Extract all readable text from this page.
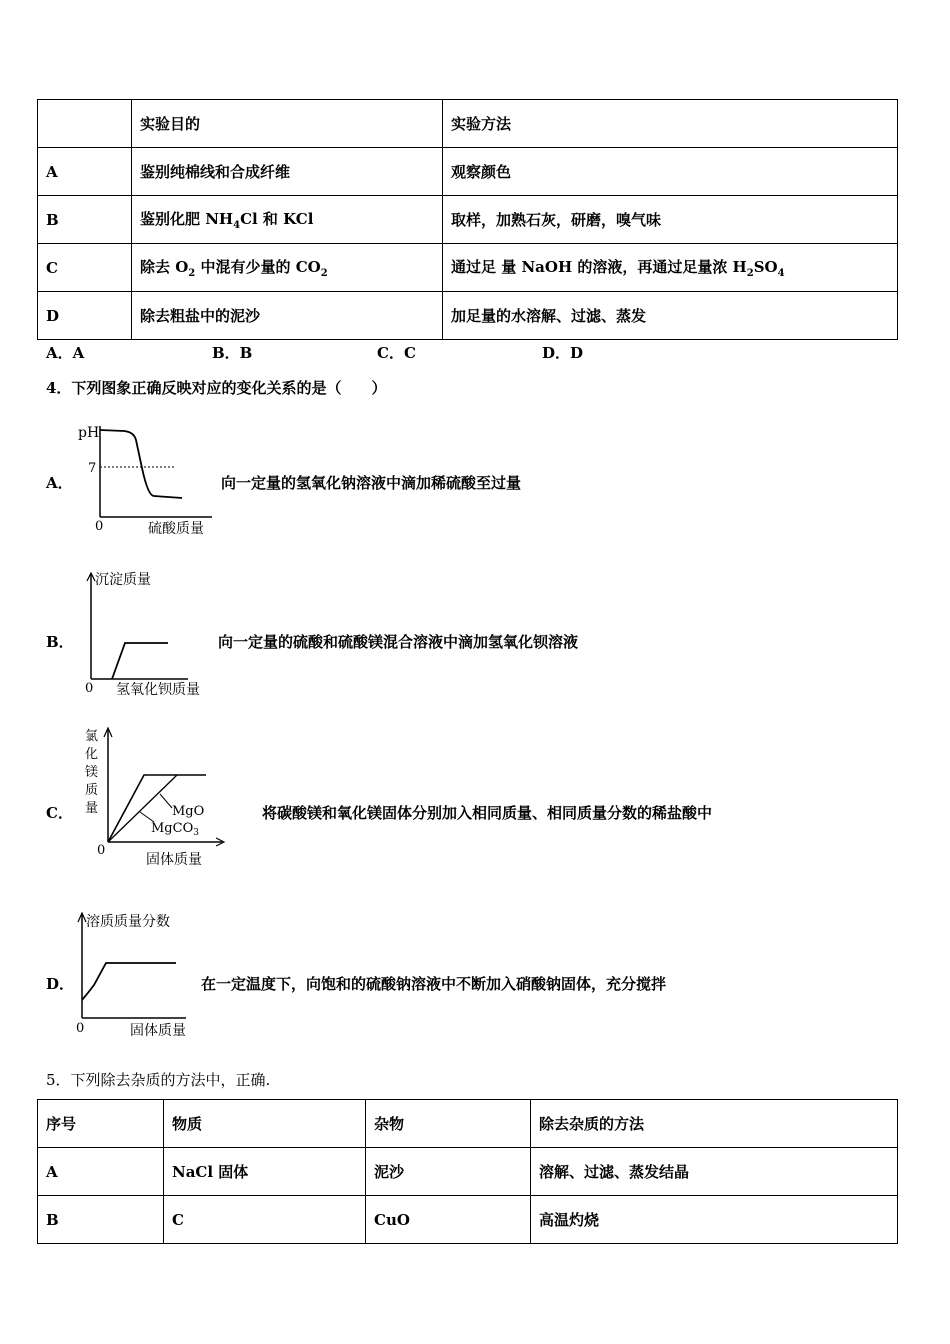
	实验目的	实验方法
A	鉴别纯棉线和合成纤维	观察颜色
B	鉴别化肥 $NH_4Cl$ 和 KCl	取样，加熟石灰，研磨，嗅气味
C	除去 $O_2$ 中混有少量的 $CO_2$	通过足 量 NaOH 的溶液，再通过足量浓 $H_2SO_4$
D	除去粗盐中的泥沙	加足量的水溶解、过滤、蒸发
A．A	B．B	C．C	D．D
4．下列图象正确反映对应的变化关系的是（　　）
A．
pH
7
0	硫酸质量
向一定量的氢氧化钠溶液中滴加稀硫酸至过量
B．
沉淀质量
0 氢氧化钡质量
向一定量的硫酸和硫酸镁混合溶液中滴加氢氧化钡溶液
C．
氯
化
镁
质
量	MgO
MgCO$_3$
0
固体质量
将碳酸镁和氧化镁固体分别加入相同质量、相同质量分数的稀盐酸中
D．
溶质质量分数
0	固体质量
在一定温度下，向饱和的硫酸钠溶液中不断加入硝酸钠固体，充分搅拌
5．下列除去杂质的方法中，正确.
序号	物质	杂物	除去杂质的方法
A	NaCl 固体	泥沙	溶解、过滤、蒸发结晶
B	C	CuO	高温灼烧
